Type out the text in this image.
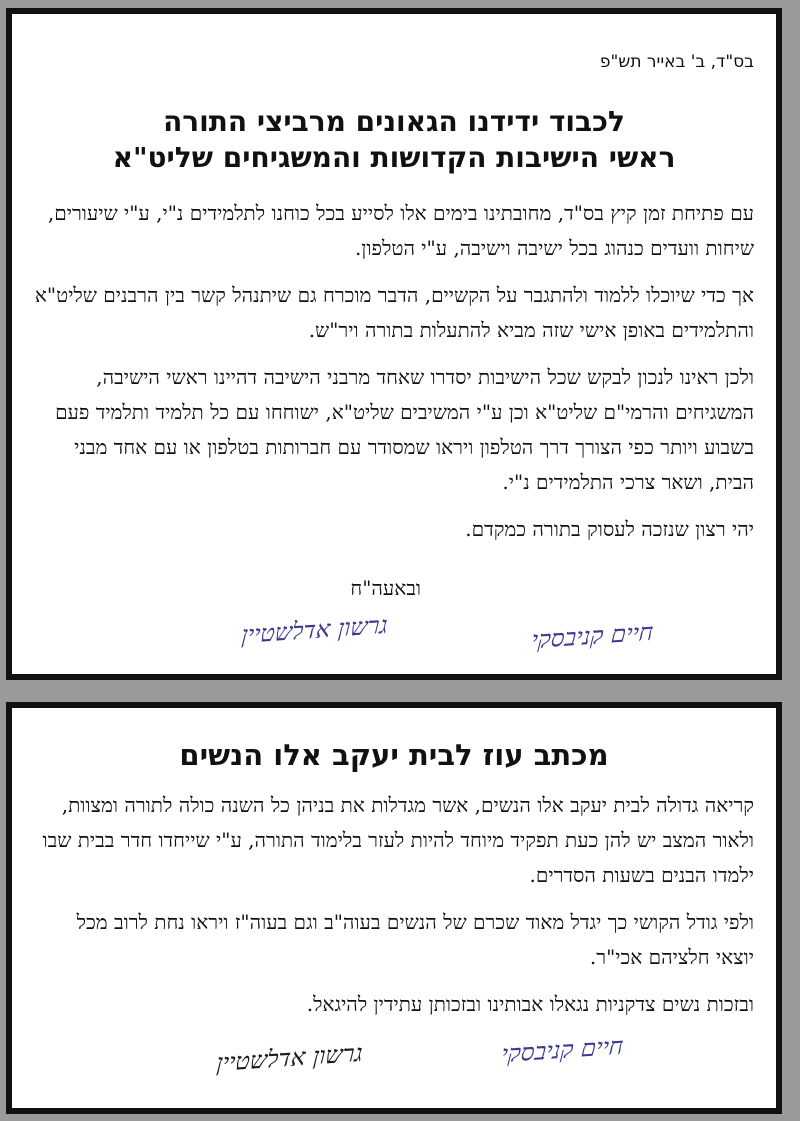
בס"ד, ב' באייר תש"פ
לכבוד ידידנו הגאונים מרביצי התורה
ראשי הישיבות הקדושות והמשגיחים שליט"א

עם פתיחת זמן קיץ בס"ד, מחובתינו בימים אלו לסייע בכל כוחנו לתלמידים נ"י, ע"י שיעורים, שיחות וועדים כנהוג בכל ישיבה וישיבה, ע"י הטלפון.

אך כדי שיוכלו ללמוד ולהתגבר על הקשיים, הדבר מוכרח גם שיתנהל קשר בין הרבנים שליט"א והתלמידים באופן אישי שזה מביא להתעלות בתורה ויר"ש.

ולכן ראינו לנכון לבקש שכל הישיבות יסדרו שאחד מרבני הישיבה דהיינו ראשי הישיבה, המשגיחים והרמי"ם שליט"א וכן ע"י המשיבים שליט"א, ישוחחו עם כל תלמיד ותלמיד פעם בשבוע ויותר כפי הצורך דרך הטלפון ויראו שמסודר עם חברותות בטלפון או עם אחד מבני הבית, ושאר צרכי התלמידים נ"י.

יהי רצון שנזכה לעסוק בתורה כמקדם.

ובאעה"ח
גרשון אדלשטיין	חיים קניבסקי
מכתב עוז לבית יעקב אלו הנשים

קריאה גדולה לבית יעקב אלו הנשים, אשר מגדלות את בניהן כל השנה כולה לתורה ומצוות, ולאור המצב יש להן כעת תפקיד מיוחד להיות לעזר בלימוד התורה, ע"י שייחדו חדר בבית שבו ילמדו הבנים בשעות הסדרים.

ולפי גודל הקושי כך יגדל מאוד שכרם של הנשים בעוה"ב וגם בעוה"ז ויראו נחת לרוב מכל יוצאי חלציהם אכי"ר.

ובזכות נשים צדקניות נגאלו אבותינו ובזכותן עתידין להיגאל.

גרשון אדלשטיין	חיים קניבסקי
